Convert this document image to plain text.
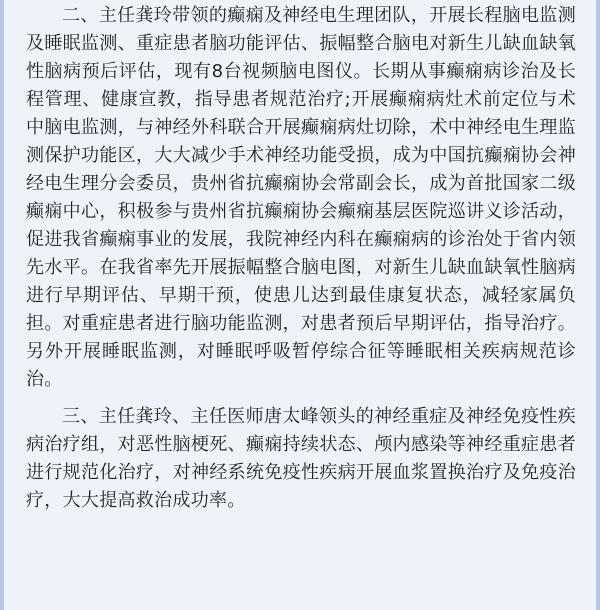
二、主任龚玲带领的癫痫及神经电生理团队，开展长程脑电监测及睡眠监测、重症患者脑功能评估、振幅整合脑电对新生儿缺血缺氧性脑病预后评估，现有8台视频脑电图仪。长期从事癫痫病诊治及长程管理、健康宣教，指导患者规范治疗;开展癫痫病灶术前定位与术中脑电监测，与神经外科联合开展癫痫病灶切除，术中神经电生理监测保护功能区，大大减少手术神经功能受损，成为中国抗癫痫协会神经电生理分会委员，贵州省抗癫痫协会常副会长，成为首批国家二级癫痫中心，积极参与贵州省抗癫痫协会癫痫基层医院巡讲义诊活动，促进我省癫痫事业的发展，我院神经内科在癫痫病的诊治处于省内领先水平。在我省率先开展振幅整合脑电图，对新生儿缺血缺氧性脑病进行早期评估、早期干预，使患儿达到最佳康复状态，减轻家属负担。对重症患者进行脑功能监测，对患者预后早期评估，指导治疗。另外开展睡眠监测，对睡眠呼吸暂停综合征等睡眠相关疾病规范诊治。

三、主任龚玲、主任医师唐太峰领头的神经重症及神经免疫性疾病治疗组，对恶性脑梗死、癫痫持续状态、颅内感染等神经重症患者进行规范化治疗，对神经系统免疫性疾病开展血浆置换治疗及免疫治疗，大大提高救治成功率。
